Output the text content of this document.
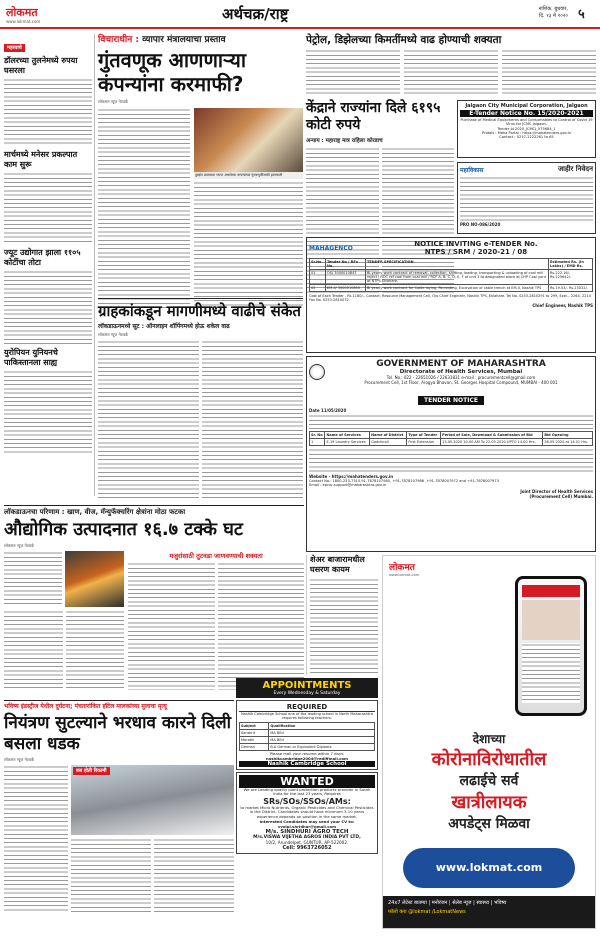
लोकमत
www.lokmat.com	अर्थचक्र/राष्ट्र	नाशिक, बुधवार,
दि. १३ मे २०२० ५
महत्त्वाचे
डॉलरच्या तुलनेमध्ये रुपया घसरला
मार्चमध्ये मनेसर प्रकल्पात काम सुरू
ज्यूट उद्योगात झाला ११०५ कोटींचा तोटा
युरोपियन युनियनचे पाकिस्तानला साह्य
विचाराधीन : व्यापार मंत्रालयाचा प्रस्ताव
गुंतवणूक आणणाऱ्या कंपन्यांना करमाफी?
लोकमत न्यूज नेटवर्क
दुबईत प्रवासाला सज्ज असलेल्या कंपन्यांच्या गुंतवणुकीसाठी हालचाली
पेट्रोल, डिझेलच्या किमतींमध्ये वाढ होण्याची शक्यता
केंद्राने राज्यांना दिले ६१९५ कोटी रुपये
अन्याय : महाराष्ट्र मात्र राहिला कोरडाच
Jalgaon City Municipal Corporation, Jalgaon
E-Tender Notice No. 15/2020-2021
Purchase of Medical Equipments and Consumables to Control of Covid 19 Virus for JCMC Jalgaon.
Tender Id 2020_JCMCJ_575684_1
Protals : Maha Portal : https://mahatenders.gov.in
Contact : 0257-2222261 to 65
महाविकास	जाहीर निवेदन
PRO NO-086/2020
MAHAGENCO	NOTICE INVITING e-TENDER No.
NTPS / SRM / 2020-21 / 08
Sr.No.	Tender No / RFx No.	TENDER SPECIFICATION	Estimated Rs. (In Lakhs) / EMD Rs.
01	OS/ 3000010847	Bi-yearly work contract of removal, collection, shifting, loading, transporting & unloading of coal mill reject / ROC ref coal from coal mill / RCF A, B, C, D, E, F of unit 3 to designated place at CHP Coal yard at NTPS Eklahare.	Rs.222.16/- Rs.225642/-
02	EM-II/ 3000010850	Bi yearly work contract for Cable laying, Re-routing, Excavation of cable trench at EM-II, Nashik TPS	Rs.19.53/- Rs.23032/-
Cost of Each Tender - Rs.1180/-. Contact: Resource Management Cell, O/o Chief Engineer, Nashik TPS, Eklahare. Tel No. 0253-2810291 to 299, Extn.- 2264, 2214 Fax No. 0253-2810072.
Chief Engineer, Nashik TPS
ग्राहकांकडून मागणीमध्ये वाढीचे संकेत
लॉकडाऊनमध्ये सूट : ऑनलाइन शॉपिंगमध्ये होऊ शकेल वाढ
लोकमत न्यूज नेटवर्क
GOVERNMENT OF MAHARASHTRA
Directorate of Health Services, Mumbai
Tel. No.: 022 - 22651026 / 22631831 e-mail : procurementcell@gmail.com
Procurement Cell, 1st Floor, Arogya Bhavan, St. Georges Hospital Compound, MUMBAI - 400 001
TENDER NOTICE
Date 11/05/2020
Sr. No	Name of Services	Name of District	Type of Tender	Period of Sale, Download & Submission of Bid	Bid Opening
1	E-19 Laundry Services	Gadchiroli	First Extension	13.05.2020 10.00 AM To 22.05.2020 UPTO 14.00 Hrs.	26.05.2020 at 14.01 Hrs.
Website - https://mahatenders.gov.in
Contact No.: 1800-233-7315,91-7878107985, +91-7878107986 ,+91-7878007972 and +91-7878007973
Email - eproc.support@maharashtra.gov.in
Joint Director of Health Services (Procurement Cell) Mumbai.
लॉकडाऊनचा परिणाम : खाण, वीज, मॅन्युफॅक्चरिंग क्षेत्रांना मोठा फटका
औद्योगिक उत्पादनात १६.७ टक्के घट
लोकमत न्यूज नेटवर्क
मजुरांसाठी तुटवडा जाणवण्याची शक्यता	शेअर बाजारामधील घसरण कायम	लोकमत
www.lokmat.com
देशाच्या
कोरोनाविरोधातील
लढाईचे सर्व
खात्रीलायक
अपडेट्स मिळवा
www.lokmat.com
24x7 लेटेस्ट बातम्या | मनोरंजन | सेलेब न्यूज | स्वास्थ्य | भविष्य
फॉलो करा @lokmat /LokmatNews
भविष्य इंडस्ट्रीज येथील दुर्घटना; पंचतारांकित हॉटेल मालकांच्या मुलाचा मृत्यू
नियंत्रण सुटल्याने भरधाव कारने दिली बसला धडक
लोकमत न्यूज नेटवर्क
बस होती रिकामी
APPOINTMENTS
Every Wednesday & Saturday
REQUIRED
Nashik Cambridge School one of the leading school in North Maharashtra requires following teachers.
Subject	Qualification
Sanskrit	MA BEd
Marathi	MA BEd
German	B.A German or Equivalent Diploma
Please mail your resume within 7 days.
nashikcambridge2004@rediffmail.com
Nashik Cambridge School
WANTED
We are Leading quality plant protection products provider in South India for the last 23 years, Requires
SRs/SOs/SSOs/AMs:
to market Micro Nutrients, Organic Pesticides and Chemical Pesticides in the District. Candidates should have minimum 3-10 years experience depends on position in the same market.
Interested Candidates may send your CV to: vvaipl.shridhar@gmail.com
M/s. SINDHURI AGRO TECH
M/s.VISWA VIJETHA AGROS INDIA PVT LTD,
10/2, Arundelpet, GUNTUR, AP-522002.
Cell: 9963726052
